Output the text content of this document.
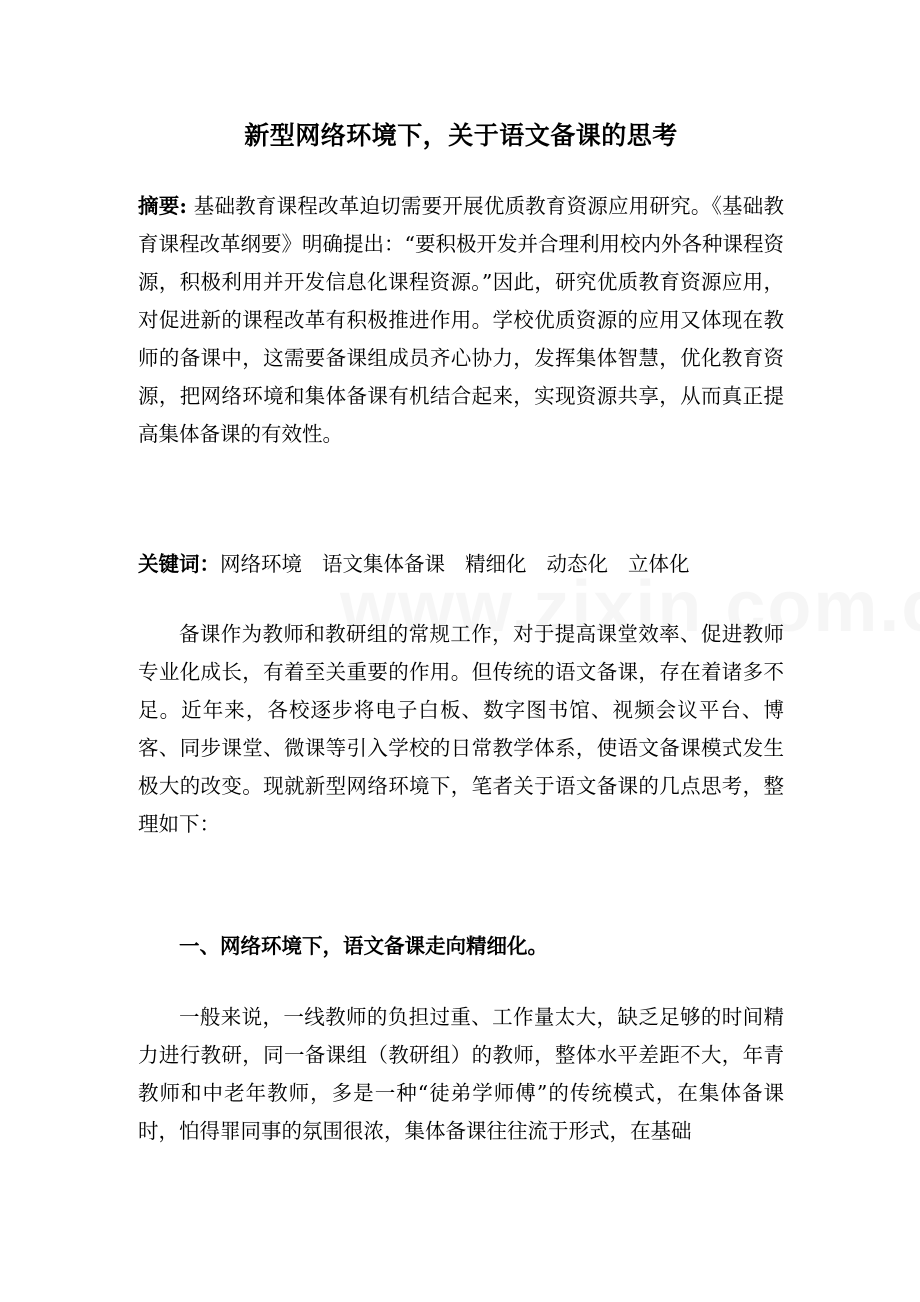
新型网络环境下，关于语文备课的思考

摘要: 基础教育课程改革迫切需要开展优质教育资源应用研究。《基础教育课程改革纲要》明确提出：“要积极开发并合理利用校内外各种课程资源，积极利用并开发信息化课程资源。”因此，研究优质教育资源应用，对促进新的课程改革有积极推进作用。学校优质资源的应用又体现在教师的备课中，这需要备课组成员齐心协力，发挥集体智慧，优化教育资源，把网络环境和集体备课有机结合起来，实现资源共享，从而真正提高集体备课的有效性。

关键词：网络环境 语文集体备课 精细化 动态化 立体化

备课作为教师和教研组的常规工作，对于提高课堂效率、促进教师专业化成长，有着至关重要的作用。但传统的语文备课，存在着诸多不足。近年来，各校逐步将电子白板、数字图书馆、视频会议平台、博客、同步课堂、微课等引入学校的日常教学体系，使语文备课模式发生极大的改变。现就新型网络环境下，笔者关于语文备课的几点思考，整理如下：

一、网络环境下，语文备课走向精细化。

一般来说，一线教师的负担过重、工作量太大，缺乏足够的时间精力进行教研，同一备课组（教研组）的教师，整体水平差距不大，年青教师和中老年教师，多是一种“徒弟学师傅”的传统模式，在集体备课时，怕得罪同事的氛围很浓，集体备课往往流于形式，在基础
